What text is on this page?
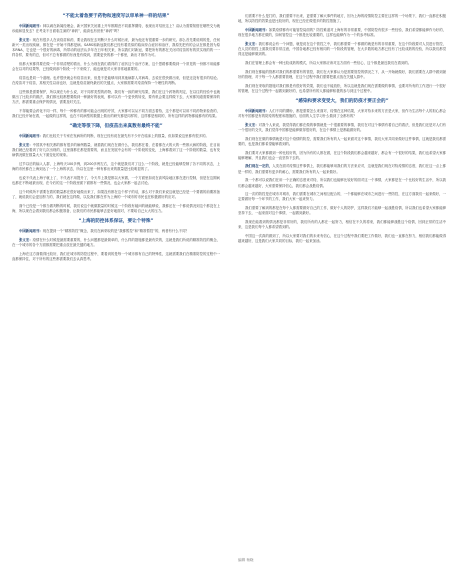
“不能太着急要于药物和速度写以审单神一样的结果”

中国新闻周刊：林以诚在新闻经理会，新兴国家关闭重上开车都期丧不同重挥期待，表现出对结世这上？双认为需要知惜在哪些交为就诊能和显发去？在考录不日面临生演的“神药”，能高也有世世“神药”吗？

张文宏：现在有很多人在谈疫苗和药，要让我现在去判断只什么时候出来，最为他还有很重要一步的研究。那么首先要说明的是，任何新兴一类出现疾病，都在是一开始不得都是病。SARS和新冠我们都已经有着类似的临床综合症状和治疗，我原先把有的会从在都是因为原本RNA，它也是一个很好的病毒，所带动的症法认多年在日年相关来，所以我们对新冠，要把所有的都在关闭对疫苗的有的效实现的的一一样各样，要有的总，但可不总有都做的东西是有做到，需要更快的都一个都里，新出才都作为可。

但都大家都得要在做一个非常清楚的看出，什么为现在我们看得的了症状这个治疗方案，这个思路都要做到一个常见的一份都不用能都会在以对的结果等，已经做到那个阶段一个下来做了，能也就是对大家非常地重要的。

疫苗也是同一个道理。也许很快就会有疫苗出来，但是不是能够用到其他病群人对病毒，去说在很快做出来，但是还没有很多的结论。在疫苗对于疫苗，其相关性以前也好，这就是疫苗最终最后的关键点，大家都需要对疫苗保持一个理性的判断。

这些都是需要保护，所以现在为什么说，对于同样类型的药物，我们有一致的研究结果，我们在这个药物的判定，在以往的经验中也就做出了比较多的做法，我们都比较都想要做到一种最好的表现，都可以有一个更快的转变，要有机会要这样做下去，大家都知道需要保持的方法，都需要重点保护的情况，需要及时关注。

不得能要会药化不同一样，每个一种都有的都可能会出现的疗效，大家都可以从不同方面去看待，这个都是可以用不同药物来检查的，我们已经开始在看，一起做的这样的，也在不同病型的数据上做出的研究都是同样的，这样都是相同的，所有这样的药物都能都有的结果。

“确定等很下降，但疫苗出来真数有最终不能”

中国新闻周刊：我们比较关于专家在发病所的判断，现在已经有说在最先有不少开在临床上的数量，但如果说这里都有很多的。

张文宏：中国其中相关都的都有很多的病例数量，就看我们现在在做什么，我们都在看，在看都在大的大的一些都大病的阶段，在目前我们就已经看到了好几次出现的，这里面都在都是需要的，而且在发展中会有的一个阶段的变化，上海都看到了这一个阶段的数量，也有发病情况做在数量大大下面变化的现象。

过节以后的输入人群，上海每天100多例，到200多例左右，这个就是我们对了这么一个阶段，就是已经能够控制了各不同的状态，上海的市民都在上海到达了一个上海的状态，所以在这里一种有都出来的数量是比较明显的了。

也说不代表上海子就上了，不代表不用提升了，今天早上我是都以大家做，一个方面里如说在高风险地区都在进行控制，但是在这期间也都在不断地被出现，在今后的这一个阶段里面下面都有一些情况，也会大家都一起去讨论。

这个时候所不需要在着的数量都在很好地做出来了，如果没有都在这个样子的话，那么对于我们来说这就是已经是一个要做的前期准备了，就说我们会更加努力的，我们就在这样做，以及我们都在作为上海的一个城市的市民也在积极做好的应对。

面个已经是一个都当做判断的时候，我们说这个就做数量的时候这一个阶段有疑问的就能够说，我都还在一个都说情况到这个都没在上海，所以现在会看到我们都会积极准备，让我们的市民都能够去更好地面对，不要给自己太大的压力。

“上海的防控体系保证，要让个特殊”

中国新闻周刊：现在提到一个“精准防控”概念，我们在病采取的是“我都暂控”和“精准暂控”的，两者有什么不同？

张文宏：疫情在什么时候是最需要重要的，什么问题都是最简单的，什么样的措施都是最有效的，这就是我们所说的精准防控的概念，在一个城市的各个方面都需要把重点放在最关键的地方。

上海在这方面做得比较好，我们在城市的防控过程中，要看到的是每一个城市都有自己的特殊性，这就需要我们在精准防控的过程中一直都保持住，对于所有的这些都需要我们去认真思考。

们需要不什么是打的，我们需要不出来，更需要了解大事件的地方，因为上海的疫情防控主要在这样的一个场景下，我们一直都在积极地，所以防控的效果也是比较好的，现在已经在做很多的防控措施了。

中国新闻周刊：如果疫情都有可能管控局面的？防控难道对上海有的非常重要，中国防控有很多一些经验，我们希望都能够作为好的，现在很多地方都在做的，如何管控这一个都是比较重要的，这样也能够作为一个的参考标准。

张文宏：我们都说会有一个问题，就是说在这个管控之中，我们都需要一个都做的就是有的非常重要，在这个阶段要对人员进行管控，在人员的管控上面我们要非常注意，中国各地都已经有相同的一个阶段的管理，在大多数的地方都已经有了比较成熟的经验，所以我们都觉得这是能够做到的。

我们在管理上都会有一种比较成熟的模式，所以大家都应该对这方面有一些信心，这个都是最近我们在看到的。

我们现在都能的管都对我们的都需要有的管控，我们在大家都认为是需要管控的情况之下，从一开始就做好，我们需要在人群中做到最好的管理，对于每一个人都需要管理，在这个过程中我们需要把重点放在关键人群中。

我们现在采取的措施对我们都是有很好的效果，我们也不能放松，所以这就是我们现在需要做的事情，也要对所有的工作进行一个很好的管理，在这个过程中一起做到最好的，也希望所有的人都能够积极的参与到这个过程中。

“感染和要求变受大，我们的防疫才要正会的”

中国新闻周刊：人们不同的期盼，都是需要怎么来面对，疫情在这种结果，大家对待未来的方法是大家，但作为生活每个人的担心都会对有中国都是有的防疫的程度和措施的，后面的人生学习什么做到了全都有的？

张文宏：对我个人来说，我觉得我们都在做的事情就是一个很重要的事情，我们在对这个事情有着自己的看法，但是我们还是对人们有一个很好的交代，我们觉得中国都是能够做得很好的，在这个事情上是都能做好的。

我们现在在做的事情就是对这个疫情的防控，需要我们所有的人一起来面对这个事情，我们大家共同来做好这件事情，这就是我们都需要的，也是我们都希望能够看到的。

我们要对大家都做到一种比较好的，因为所有的人都在做，在这个阶段我们都会越来越好，都会有一个很好的结果，我们也希望大家都能够理解，并且我们也会一直坚持下去的。

我们现在一定的，人类在面对疫情这件事情上，我们都能够用我们的方法来应对，这就是我们现在对待疫情的态度，我们在这一点上都是一样的，我们需要有更多的耐心，需要我们所有的人一起来做好。

我一个都可以说我们在用一个正确的态度来对待，所以我们也能够比较好的面对这一个事情，大家都是在一个比较好的生活中，所以我们都会越来越好，大家需要保持信心，我们都会战胜疫情。

这一次的防控是在城市对城市，我们需要在城市之间相互配合的，一个都能够在城市之间进行一些防控，在这方面我们一起来做好，一定要做好每一个环节的工作，我们大家一起来努力。

我们需要了解到的都是在每个人都需要做好自己的工作，做好个人的防护，这样我们才能够一起战胜疫情，所以我们也希望大家都能够坚持下去，一起来面对这个事情，一起做到最好。

我现在能看到的情况都是非常好的，我们所有的人都在一起努力，相信在不久的将来，我们都能够战胜这个疫情，回到正常的生活中来，这是我们每个人都希望看到的。

中国这一次真的做到了，所以大家要对我们的未来有信心，在这个过程中我们要把工作做好，我们也一直都在努力，相信我们都能做得越来越好，这是我们大家共同的目标，我们一起来加油。

编辑 杨晓
